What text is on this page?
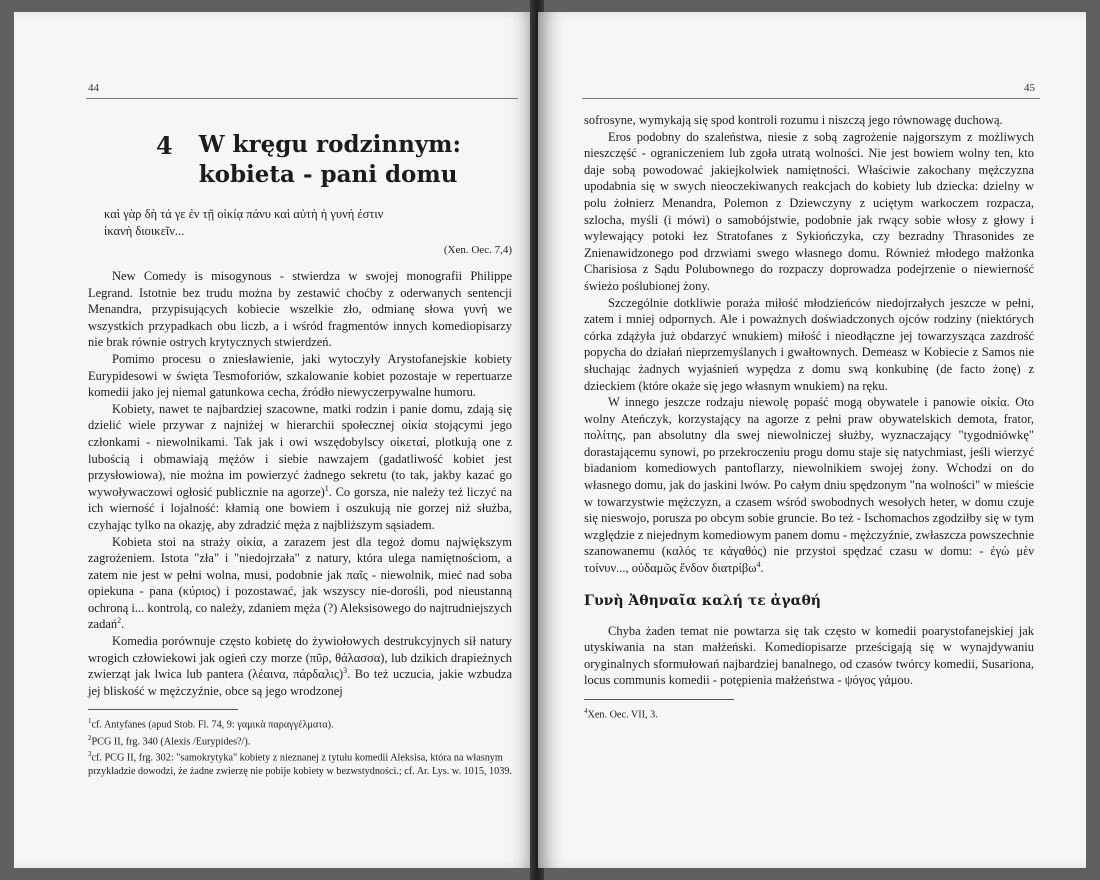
44
4 W kręgu rodzinnym:
kobieta - pani domu
καὶ γὰρ δὴ τά γε ἐν τῇ οἰκίᾳ πάνυ καὶ αὐτὴ ἡ γυνή ἐστιν
ἱκανὴ διοικεῖν...
(Xen. Oec. 7,4)

New Comedy is misogynous - stwierdza w swojej monografii Philippe Legrand. Istotnie bez trudu można by zestawić choćby z oderwanych sentencji Menandra, przypisujących kobiecie wszelkie zło, odmianę słowa γυνή we wszystkich przypadkach obu liczb, a i wśród fragmentów innych komediopisarzy nie brak równie ostrych krytycznych stwierdzeń.

Pomimo procesu o zniesławienie, jaki wytoczyły Arystofanejskie kobiety Eurypidesowi w święta Tesmoforiów, szkalowanie kobiet pozostaje w repertuarze komedii jako jej niemal gatunkowa cecha, źródło niewyczerpywalne humoru.

Kobiety, nawet te najbardziej szacowne, matki rodzin i panie domu, zdają się dzielić wiele przywar z najniżej w hierarchii społecznej οἰκία stojącymi jego członkami - niewolnikami. Tak jak i owi wszędobylscy οἰκεταί, plotkują one z lubością i obmawiają mężów i siebie nawzajem (gadatliwość kobiet jest przysłowiowa), nie można im powierzyć żadnego sekretu (to tak, jakby kazać go wywoływaczowi ogłosić publicznie na agorze)$^1$. Co gorsza, nie należy też liczyć na ich wierność i lojalność: kłamią one bowiem i oszukują nie gorzej niż służba, czyhając tylko na okazję, aby zdradzić męża z najbliższym sąsiadem.

Kobieta stoi na straży οἰκία, a zarazem jest dla tegoż domu największym zagrożeniem. Istota "zła" i "niedojrzała" z natury, która ulega namiętnościom, a zatem nie jest w pełni wolna, musi, podobnie jak παῖς - niewolnik, mieć nad soba opiekuna - pana (κύριος) i pozostawać, jak wszyscy nie-dorośli, pod nieustanną ochroną i... kontrolą, co należy, zdaniem męża (?) Aleksisowego do najtrudniejszych zadań$^2$.

Komedia porównuje często kobietę do żywiołowych destrukcyjnych sił natury wrogich człowiekowi jak ogień czy morze (πῦρ, θάλασσα), lub dzikich drapieżnych zwierząt jak lwica lub pantera (λέαινα, πάρδαλις)$^3$. Bo też uczucia, jakie wzbudza jej bliskość w mężczyźnie, obce są jego wrodzonej

$^1$cf. Antyfanes (apud Stob. Fl. 74, 9: γαμικὰ παραγγέλματα).
$^2$PCG II, frg. 340 (Alexis /Eurypides?/).
$^3$cf. PCG II, frg. 302: "samokrytyka" kobiety z nieznanej z tytułu komedii Aleksisa, która na własnym przykładzie dowodzi, że żadne zwierzę nie pobije kobiety w bezwstydności.; cf. Ar. Lys. w. 1015, 1039.
45

sofrosyne, wymykają się spod kontroli rozumu i niszczą jego równowagę duchową.

Eros podobny do szaleństwa, niesie z sobą zagrożenie najgorszym z możliwych nieszczęść - ograniczeniem lub zgoła utratą wolności. Nie jest bowiem wolny ten, kto daje sobą powodować jakiejkolwiek namiętności. Właściwie zakochany mężczyzna upodabnia się w swych nieoczekiwanych reakcjach do kobiety lub dziecka: dzielny w polu żołnierz Menandra, Polemon z Dziewczyny z uciętym warkoczem rozpacza, szlocha, myśli (i mówi) o samobójstwie, podobnie jak rwący sobie włosy z głowy i wylewający potoki łez Stratofanes z Sykiończyka, czy bezradny Thrasonides ze Znienawidzonego pod drzwiami swego własnego domu. Również młodego małżonka Charisiosa z Sądu Polubownego do rozpaczy doprowadza podejrzenie o niewierność świeżo poślubionej żony.

Szczególnie dotkliwie poraża miłość młodzieńców niedojrzałych jeszcze w pełni, zatem i mniej odpornych. Ale i poważnych doświadczonych ojców rodziny (niektórych córka zdążyła już obdarzyć wnukiem) miłość i nieodłączne jej towarzysząca zazdrość popycha do działań nieprzemyślanych i gwałtownych. Demeasz w Kobiecie z Samos nie słuchając żadnych wyjaśnień wypędza z domu swą konkubinę (de facto żonę) z dzieckiem (które okaże się jego własnym wnukiem) na ręku.

W innego jeszcze rodzaju niewolę popaść mogą obywatele i panowie οἰκία. Oto wolny Ateńczyk, korzystający na agorze z pełni praw obywatelskich demota, frator, πολίτης, pan absolutny dla swej niewolniczej służby, wyznaczający "tygodniówkę" dorastającemu synowi, po przekroczeniu progu domu staje się natychmiast, jeśli wierzyć biadaniom komediowych pantoflarzy, niewolnikiem swojej żony. Wchodzi on do własnego domu, jak do jaskini lwów. Po całym dniu spędzonym "na wolności" w mieście w towarzystwie mężczyzn, a czasem wśród swobodnych wesołych heter, w domu czuje się nieswojo, porusza po obcym sobie gruncie. Bo też - Ischomachos zgodziłby się w tym względzie z niejednym komediowym panem domu - mężczyźnie, zwłaszcza powszechnie szanowanemu (καλός τε κἀγαθός) nie przystoi spędzać czasu w domu: - ἐγὼ μὲν τοίνυν..., οὐδαμῶς ἔνδον διατρίβω$^4$.

Γυνὴ Ἀθηναῖα καλή τε ἀγαθή

Chyba żaden temat nie powtarza się tak często w komedii poarystofanejskiej jak utyskiwania na stan małżeński. Komediopisarze prześcigają się w wynajdywaniu oryginalnych sformułowań najbardziej banalnego, od czasów twórcy komedii, Susariona, locus communis komedii - potępienia małżeństwa - ψόγος γάμου.

$^4$Xen. Oec. VII, 3.
